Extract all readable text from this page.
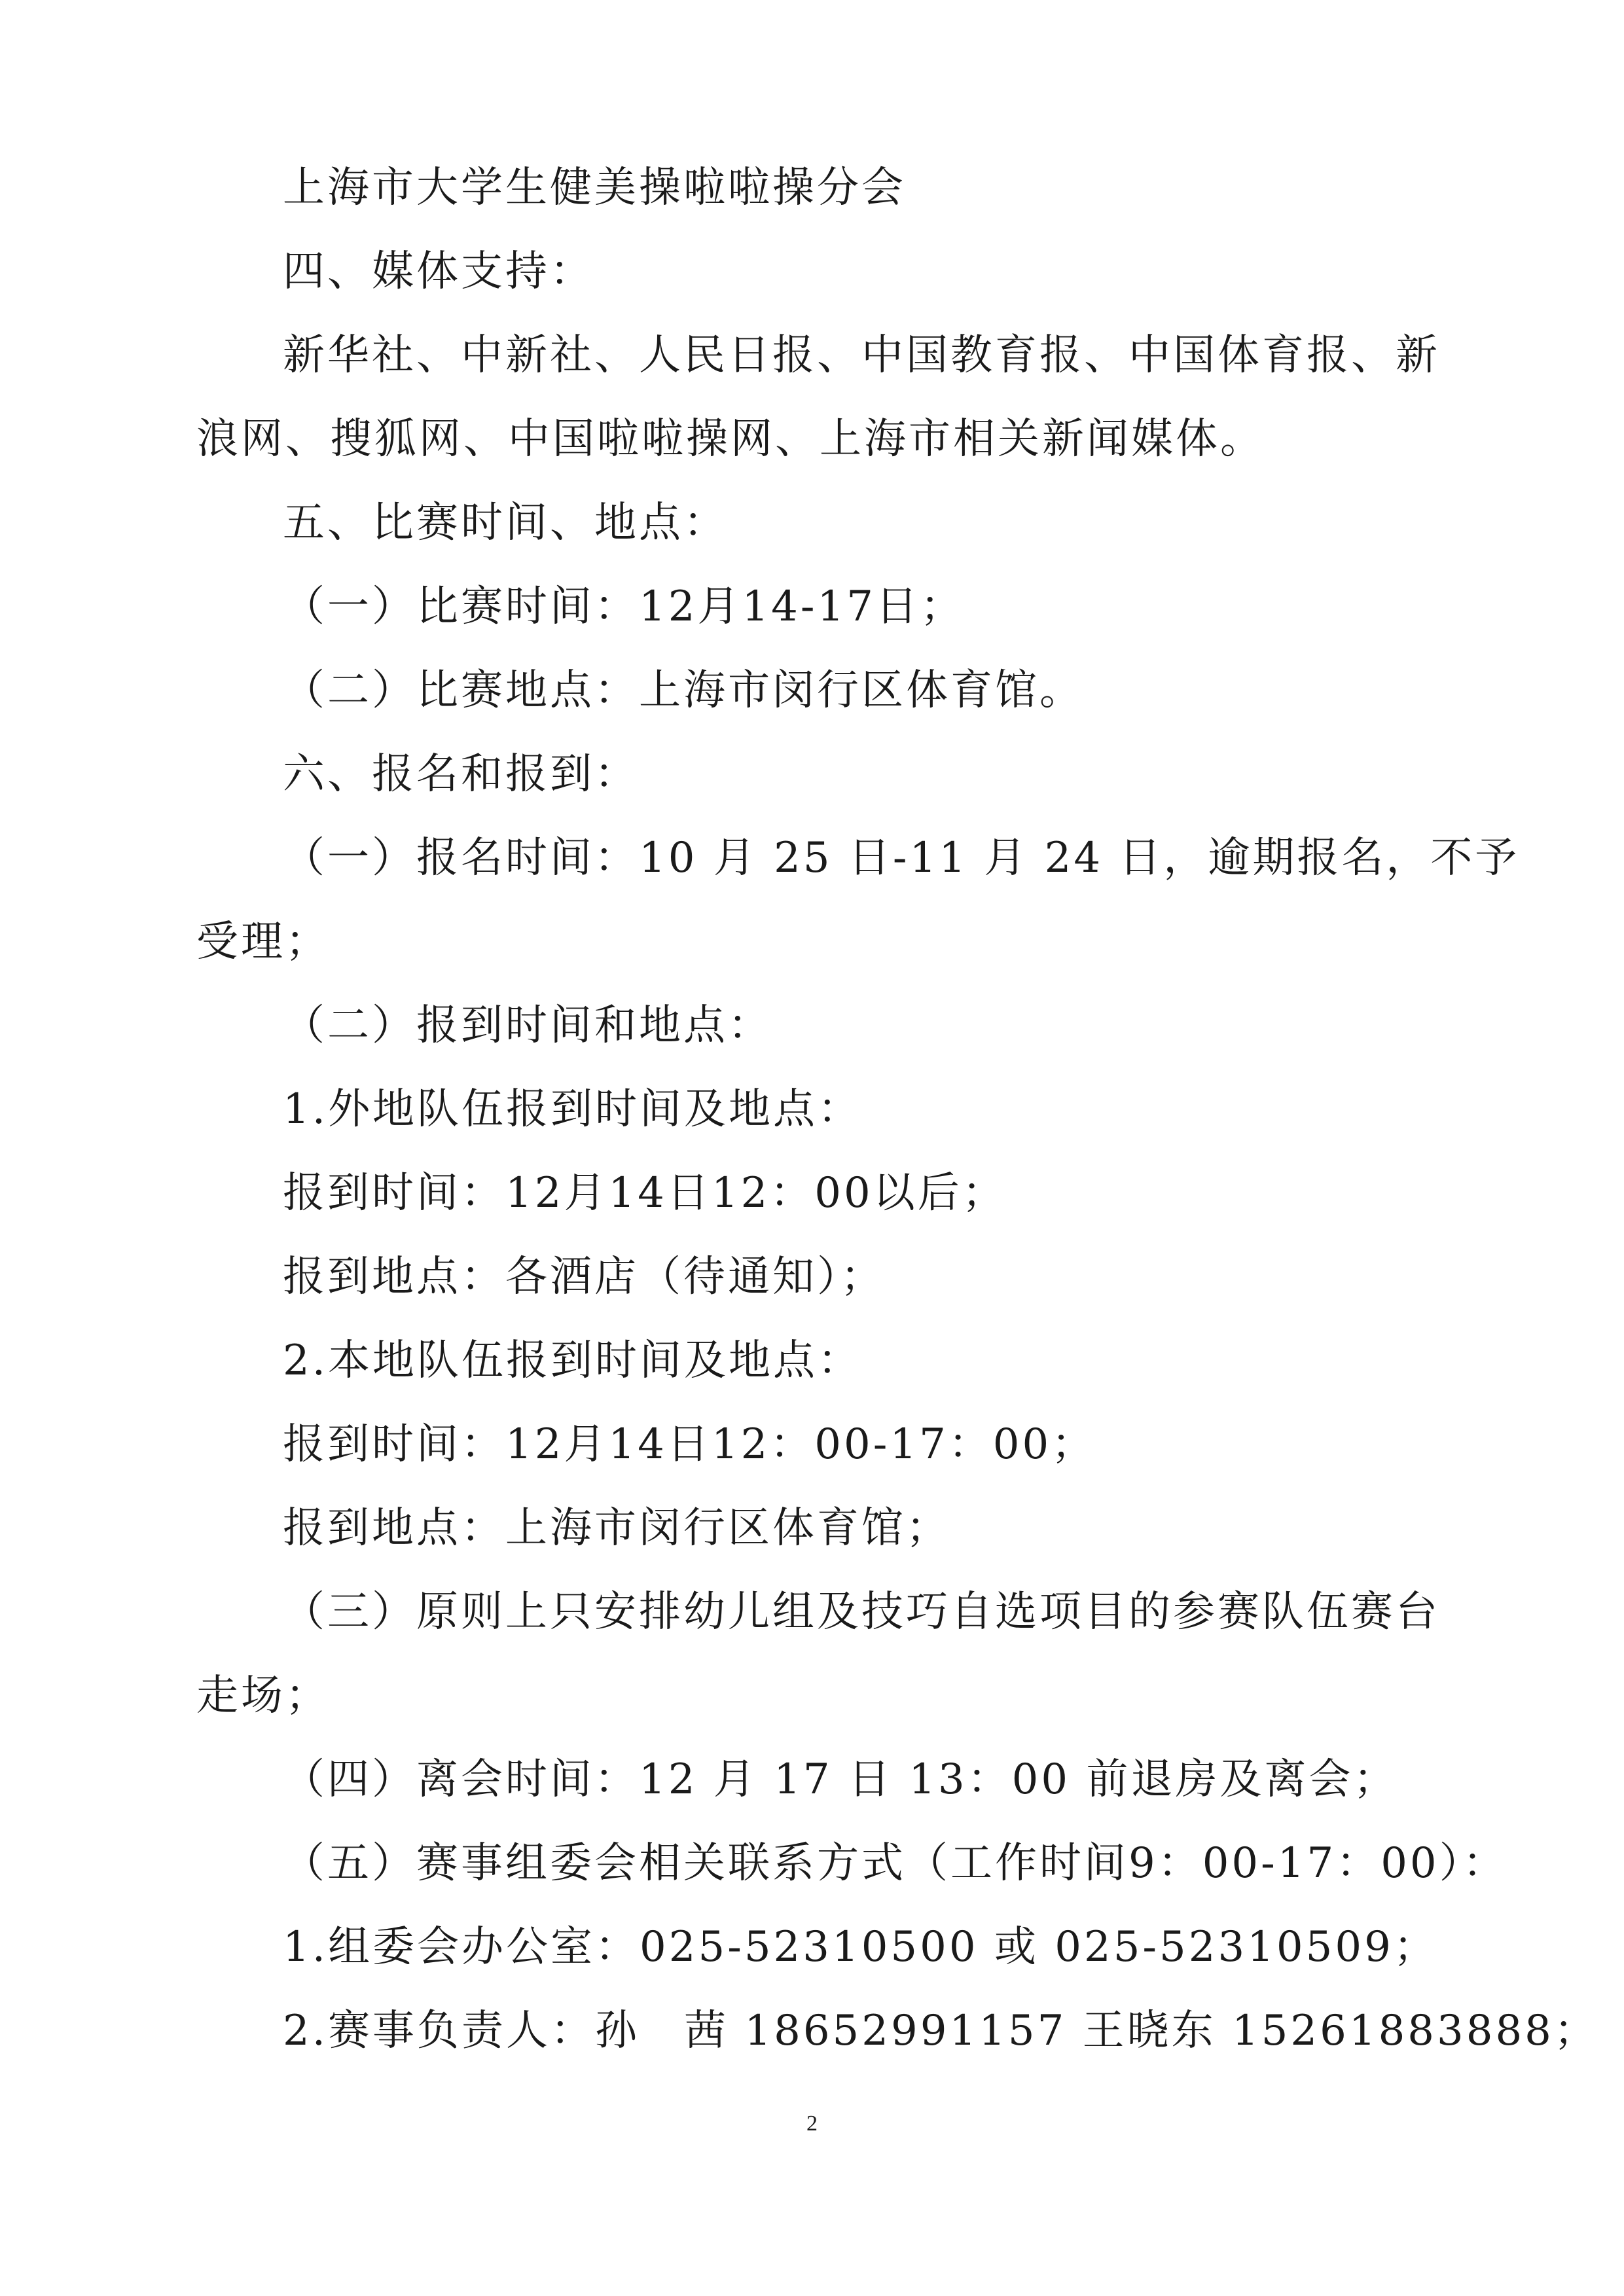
上海市大学生健美操啦啦操分会
四、媒体支持：
新华社、中新社、人民日报、中国教育报、中国体育报、新
浪网、搜狐网、中国啦啦操网、上海市相关新闻媒体。
五、比赛时间、地点：
（一）比赛时间：12月14-17日；
（二）比赛地点：上海市闵行区体育馆。
六、报名和报到：
（一）报名时间：10 月 25 日-11 月 24 日，逾期报名，不予
受理；
（二）报到时间和地点：
1.外地队伍报到时间及地点：
报到时间：12月14日12：00以后；
报到地点：各酒店（待通知）；
2.本地队伍报到时间及地点：
报到时间：12月14日12：00-17：00；
报到地点：上海市闵行区体育馆；
（三）原则上只安排幼儿组及技巧自选项目的参赛队伍赛台
走场；
（四）离会时间：12 月 17 日 13：00 前退房及离会；
（五）赛事组委会相关联系方式（工作时间9：00-17：00）：
1.组委会办公室：025-52310500 或 025-52310509；
2.赛事负责人：孙　茜 18652991157 王晓东 15261883888；
2
